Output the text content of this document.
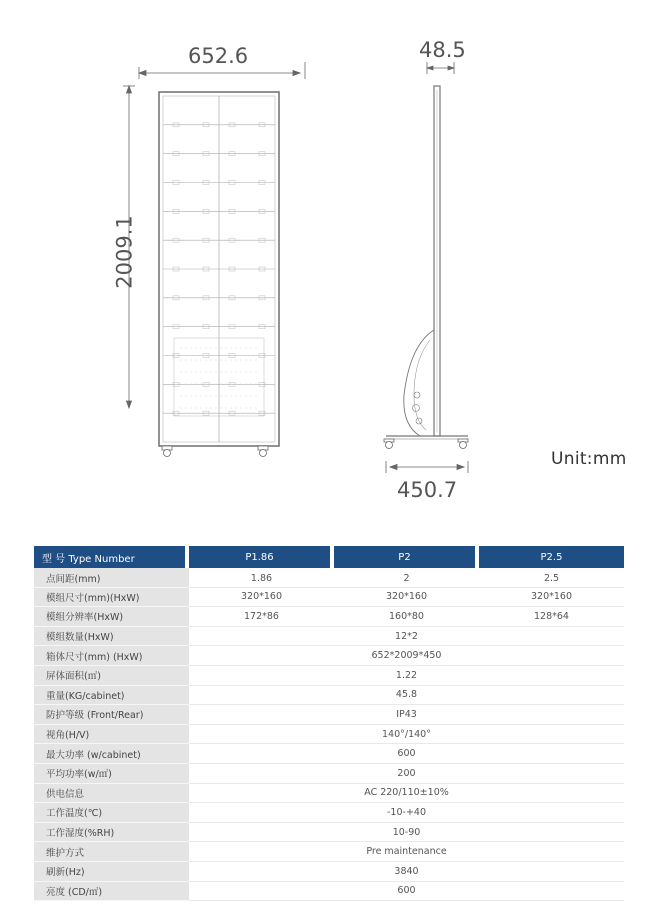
652.6	48.5
2009.1
450.7
Unit:mm
型 号 Type Number	P1.86	P2	P2.5
点间距(mm)	1.86	2	2.5
模组尺寸(mm)(HxW)	320*160	320*160	320*160
模组分辨率(HxW)	172*86	160*80	128*64
模组数量(HxW)	12*2		
箱体尺寸(mm) (HxW)	652*2009*450		
屏体面积(㎡)	1.22		
重量(KG/cabinet)	45.8		
防护等级 (Front/Rear)	IP43		
视角(H/V)	140°/140°		
最大功率 (w/cabinet)	600		
平均功率(w/㎡)	200		
供电信息	AC 220/110±10%		
工作温度(℃)	-10-+40		
工作湿度(%RH)	10-90		
维护方式	Pre maintenance		
刷新(Hz)	3840		
亮度 (CD/㎡)	600		
